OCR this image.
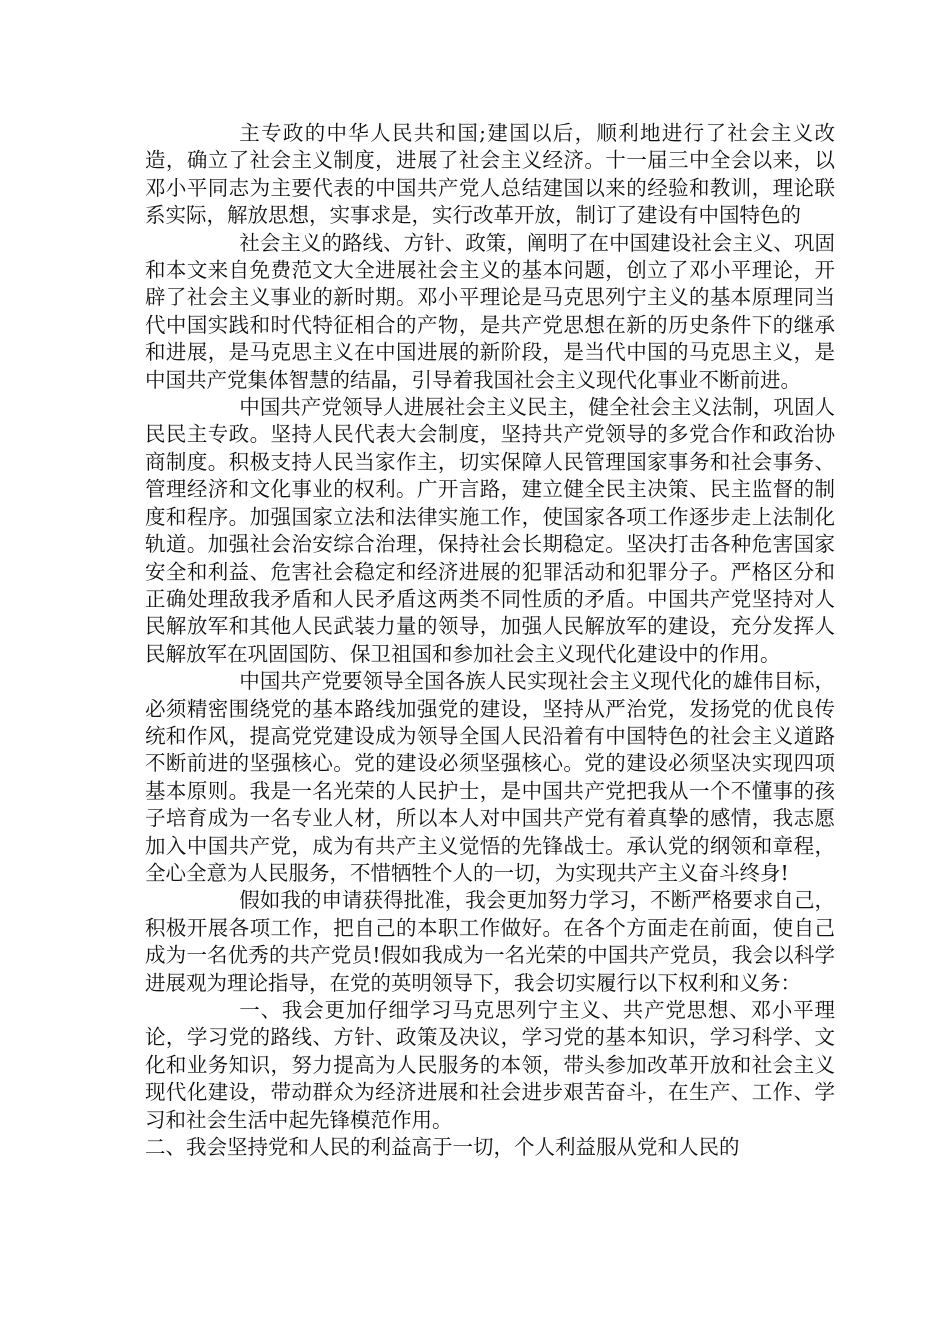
主专政的中华人民共和国;建国以后，顺利地进行了社会主义改造，确立了社会主义制度，进展了社会主义经济。十一届三中全会以来，以邓小平同志为主要代表的中国共产党人总结建国以来的经验和教训，理论联系实际，解放思想，实事求是，实行改革开放，制订了建设有中国特色的

社会主义的路线、方针、政策，阐明了在中国建设社会主义、巩固和本文来自免费范文大全进展社会主义的基本问题，创立了邓小平理论，开辟了社会主义事业的新时期。邓小平理论是马克思列宁主义的基本原理同当代中国实践和时代特征相合的产物，是共产党思想在新的历史条件下的继承和进展，是马克思主义在中国进展的新阶段，是当代中国的马克思主义，是中国共产党集体智慧的结晶，引导着我国社会主义现代化事业不断前进。

中国共产党领导人进展社会主义民主，健全社会主义法制，巩固人民民主专政。坚持人民代表大会制度，坚持共产党领导的多党合作和政治协商制度。积极支持人民当家作主，切实保障人民管理国家事务和社会事务、管理经济和文化事业的权利。广开言路，建立健全民主决策、民主监督的制度和程序。加强国家立法和法律实施工作，使国家各项工作逐步走上法制化轨道。加强社会治安综合治理，保持社会长期稳定。坚决打击各种危害国家安全和利益、危害社会稳定和经济进展的犯罪活动和犯罪分子。严格区分和正确处理敌我矛盾和人民矛盾这两类不同性质的矛盾。中国共产党坚持对人民解放军和其他人民武装力量的领导，加强人民解放军的建设，充分发挥人民解放军在巩固国防、保卫祖国和参加社会主义现代化建设中的作用。

中国共产党要领导全国各族人民实现社会主义现代化的雄伟目标，必须精密围绕党的基本路线加强党的建设，坚持从严治党，发扬党的优良传统和作风，提高党党建设成为领导全国人民沿着有中国特色的社会主义道路不断前进的坚强核心。党的建设必须坚强核心。党的建设必须坚决实现四项基本原则。我是一名光荣的人民护士，是中国共产党把我从一个不懂事的孩子培育成为一名专业人材，所以本人对中国共产党有着真挚的感情，我志愿加入中国共产党，成为有共产主义觉悟的先锋战士。承认党的纲领和章程，全心全意为人民服务，不惜牺牲个人的一切，为实现共产主义奋斗终身!

假如我的申请获得批准，我会更加努力学习，不断严格要求自己，积极开展各项工作，把自己的本职工作做好。在各个方面走在前面，使自己成为一名优秀的共产党员!假如我成为一名光荣的中国共产党员，我会以科学进展观为理论指导，在党的英明领导下，我会切实履行以下权利和义务：

一、我会更加仔细学习马克思列宁主义、共产党思想、邓小平理论，学习党的路线、方针、政策及决议，学习党的基本知识，学习科学、文化和业务知识，努力提高为人民服务的本领，带头参加改革开放和社会主义现代化建设，带动群众为经济进展和社会进步艰苦奋斗，在生产、工作、学习和社会生活中起先锋模范作用。

二、我会坚持党和人民的利益高于一切，个人利益服从党和人民的
